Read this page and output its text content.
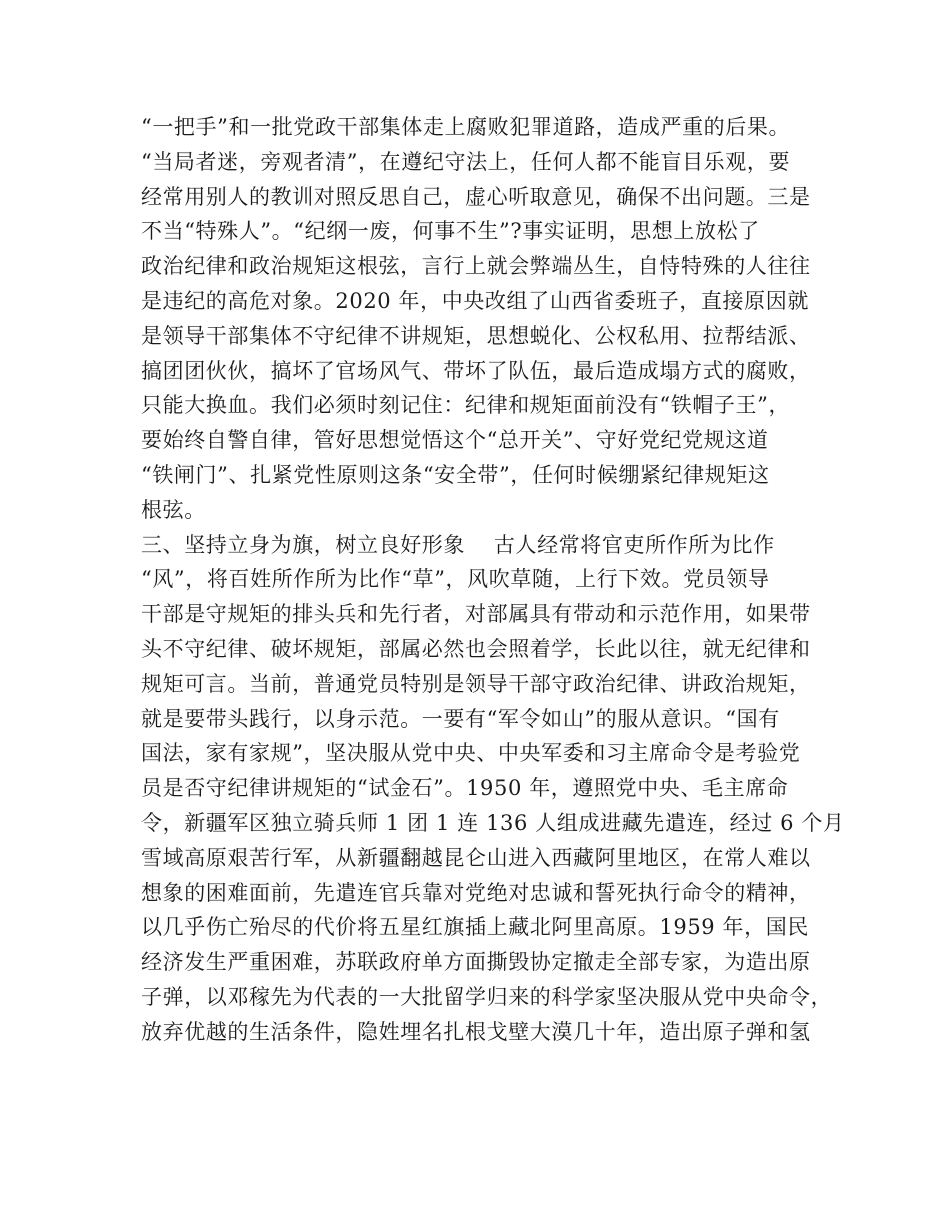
“一把手”和一批党政干部集体走上腐败犯罪道路，造成严重的后果。
“当局者迷，旁观者清”，在遵纪守法上，任何人都不能盲目乐观，要
经常用别人的教训对照反思自己，虚心听取意见，确保不出问题。三是
不当“特殊人”。“纪纲一废，何事不生”?事实证明，思想上放松了
政治纪律和政治规矩这根弦，言行上就会弊端丛生，自恃特殊的人往往
是违纪的高危对象。2020 年，中央改组了山西省委班子，直接原因就
是领导干部集体不守纪律不讲规矩，思想蜕化、公权私用、拉帮结派、
搞团团伙伙，搞坏了官场风气、带坏了队伍，最后造成塌方式的腐败，
只能大换血。我们必须时刻记住：纪律和规矩面前没有“铁帽子王”，
要始终自警自律，管好思想觉悟这个“总开关”、守好党纪党规这道
“铁闸门”、扎紧党性原则这条“安全带”，任何时候绷紧纪律规矩这
根弦。
三、坚持立身为旗，树立良好形象　 古人经常将官吏所作所为比作
“风”，将百姓所作所为比作“草”，风吹草随，上行下效。党员领导
干部是守规矩的排头兵和先行者，对部属具有带动和示范作用，如果带
头不守纪律、破坏规矩，部属必然也会照着学，长此以往，就无纪律和
规矩可言。当前，普通党员特别是领导干部守政治纪律、讲政治规矩，
就是要带头践行，以身示范。一要有“军令如山”的服从意识。“国有
国法，家有家规”，坚决服从党中央、中央军委和习主席命令是考验党
员是否守纪律讲规矩的“试金石”。1950 年，遵照党中央、毛主席命
令，新疆军区独立骑兵师 1 团 1 连 136 人组成进藏先遣连，经过 6 个月
雪域高原艰苦行军，从新疆翻越昆仑山进入西藏阿里地区，在常人难以
想象的困难面前，先遣连官兵靠对党绝对忠诚和誓死执行命令的精神，
以几乎伤亡殆尽的代价将五星红旗插上藏北阿里高原。1959 年，国民
经济发生严重困难，苏联政府单方面撕毁协定撤走全部专家，为造出原
子弹，以邓稼先为代表的一大批留学归来的科学家坚决服从党中央命令，
放弃优越的生活条件，隐姓埋名扎根戈壁大漠几十年，造出原子弹和氢
